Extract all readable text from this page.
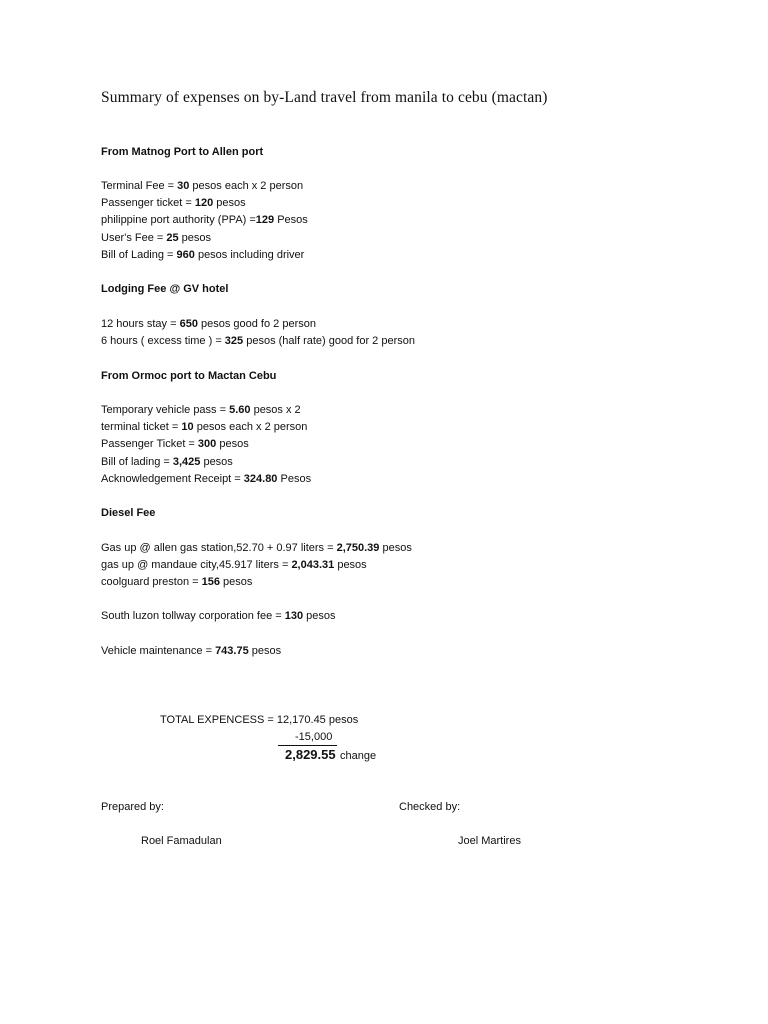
Summary of expenses on by-Land travel from manila to cebu (mactan)
From Matnog Port to Allen port
Terminal Fee = 30 pesos each x 2 person
Passenger ticket = 120 pesos
philippine port authority (PPA) =129 Pesos
User's Fee = 25 pesos
Bill of Lading = 960 pesos including driver
Lodging Fee @ GV hotel
12 hours stay = 650 pesos good fo 2 person
6 hours ( excess time ) = 325 pesos (half rate) good for 2 person
From Ormoc port to Mactan Cebu
Temporary vehicle pass = 5.60 pesos x 2
terminal ticket = 10 pesos each x 2 person
Passenger Ticket = 300 pesos
Bill of lading = 3,425 pesos
Acknowledgement Receipt = 324.80 Pesos
Diesel Fee
Gas up @ allen gas station,52.70 + 0.97 liters = 2,750.39 pesos
gas up @ mandaue city,45.917 liters = 2,043.31 pesos
coolguard preston = 156 pesos
South luzon tollway corporation fee = 130 pesos
Vehicle maintenance = 743.75 pesos
TOTAL EXPENCESS = 12,170.45 pesos
-15,000
2,829.55 change
Prepared by:	Checked by:
Roel Famadulan	Joel Martires
